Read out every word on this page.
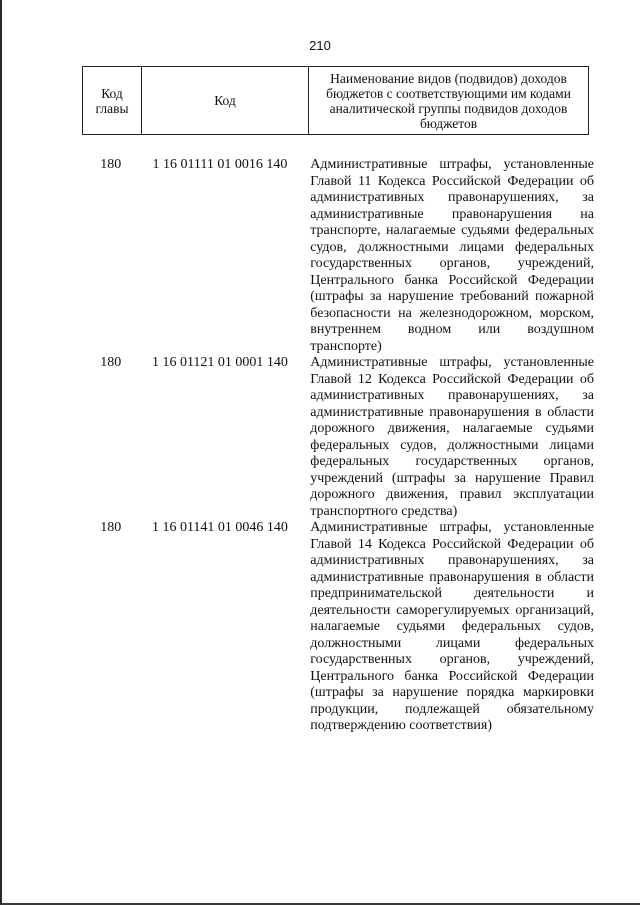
210
Код главы	Код	Наименование видов (подвидов) доходов бюджетов с соответствующими им кодами аналитической группы подвидов доходов бюджетов
180	1 16 01111 01 0016 140	Административные штрафы, установленные Главой 11 Кодекса Российской Федерации об административных правонарушениях, за административные правонарушения на транспорте, налагаемые судьями федеральных судов, должностными лицами федеральных государственных органов, учреждений, Центрального банка Российской Федерации (штрафы за нарушение требований пожарной безопасности на железнодорожном, морском, внутреннем водном или воздушном транспорте)
180	1 16 01121 01 0001 140	Административные штрафы, установленные Главой 12 Кодекса Российской Федерации об административных правонарушениях, за административные правонарушения в области дорожного движения, налагаемые судьями федеральных судов, должностными лицами федеральных государственных органов, учреждений (штрафы за нарушение Правил дорожного движения, правил эксплуатации транспортного средства)
180	1 16 01141 01 0046 140	Административные штрафы, установленные Главой 14 Кодекса Российской Федерации об административных правонарушениях, за административные правонарушения в области предпринимательской деятельности и деятельности саморегулируемых организаций, налагаемые судьями федеральных судов, должностными лицами федеральных государственных органов, учреждений, Центрального банка Российской Федерации (штрафы за нарушение порядка маркировки продукции, подлежащей обязательному подтверждению соответствия)
